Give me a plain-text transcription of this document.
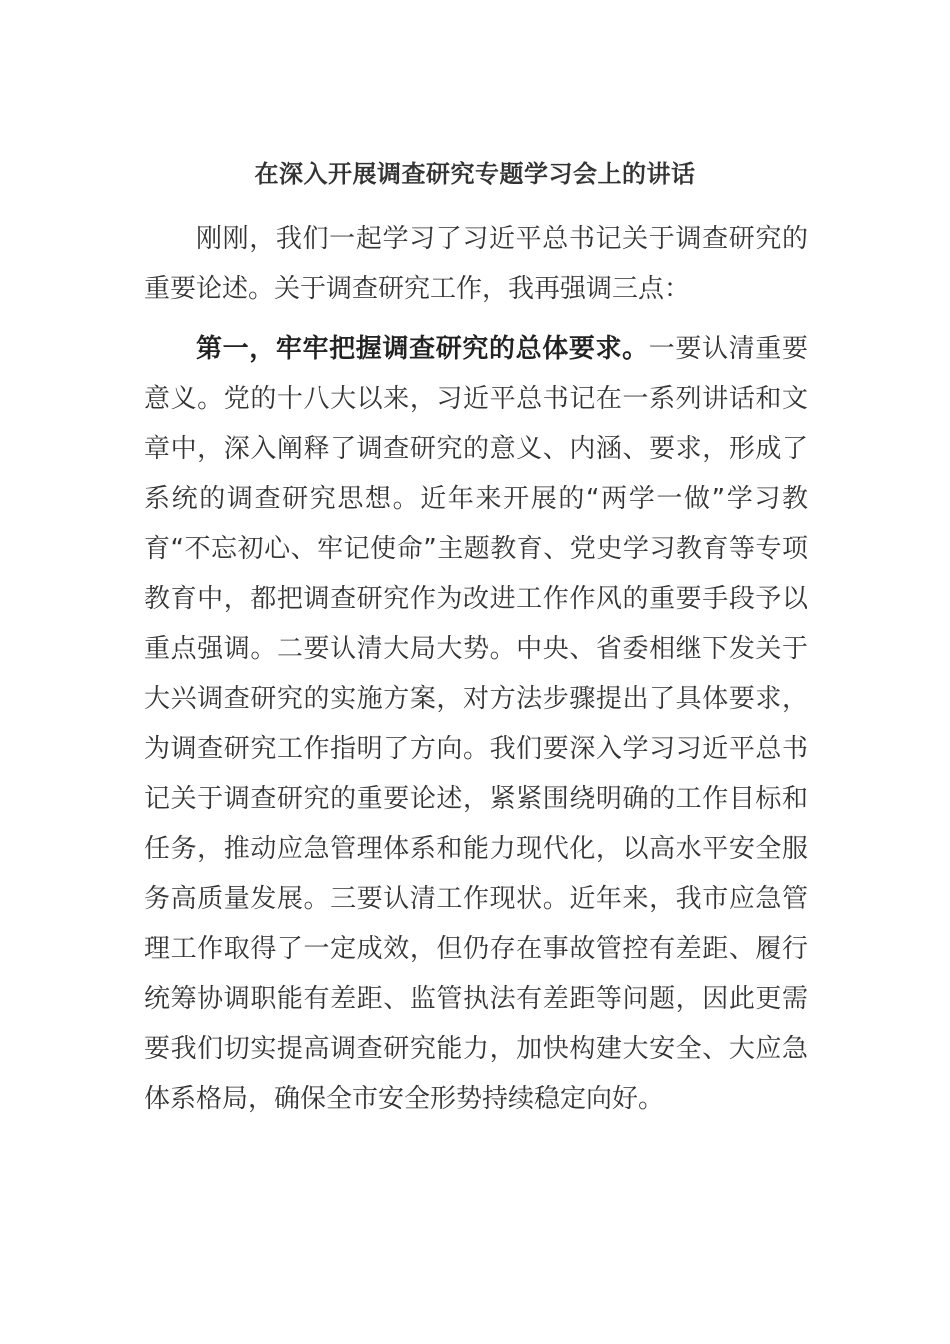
在深入开展调查研究专题学习会上的讲话

刚刚，我们一起学习了习近平总书记关于调查研究的重要论述。关于调查研究工作，我再强调三点：

第一，牢牢把握调查研究的总体要求。一要认清重要意义。党的十八大以来，习近平总书记在一系列讲话和文章中，深入阐释了调查研究的意义、内涵、要求，形成了系统的调查研究思想。近年来开展的“两学一做”学习教育“不忘初心、牢记使命”主题教育、党史学习教育等专项教育中，都把调查研究作为改进工作作风的重要手段予以重点强调。二要认清大局大势。中央、省委相继下发关于大兴调查研究的实施方案，对方法步骤提出了具体要求，为调查研究工作指明了方向。我们要深入学习习近平总书记关于调查研究的重要论述，紧紧围绕明确的工作目标和任务，推动应急管理体系和能力现代化，以高水平安全服务高质量发展。三要认清工作现状。近年来，我市应急管理工作取得了一定成效，但仍存在事故管控有差距、履行统筹协调职能有差距、监管执法有差距等问题，因此更需要我们切实提高调查研究能力，加快构建大安全、大应急体系格局，确保全市安全形势持续稳定向好。
